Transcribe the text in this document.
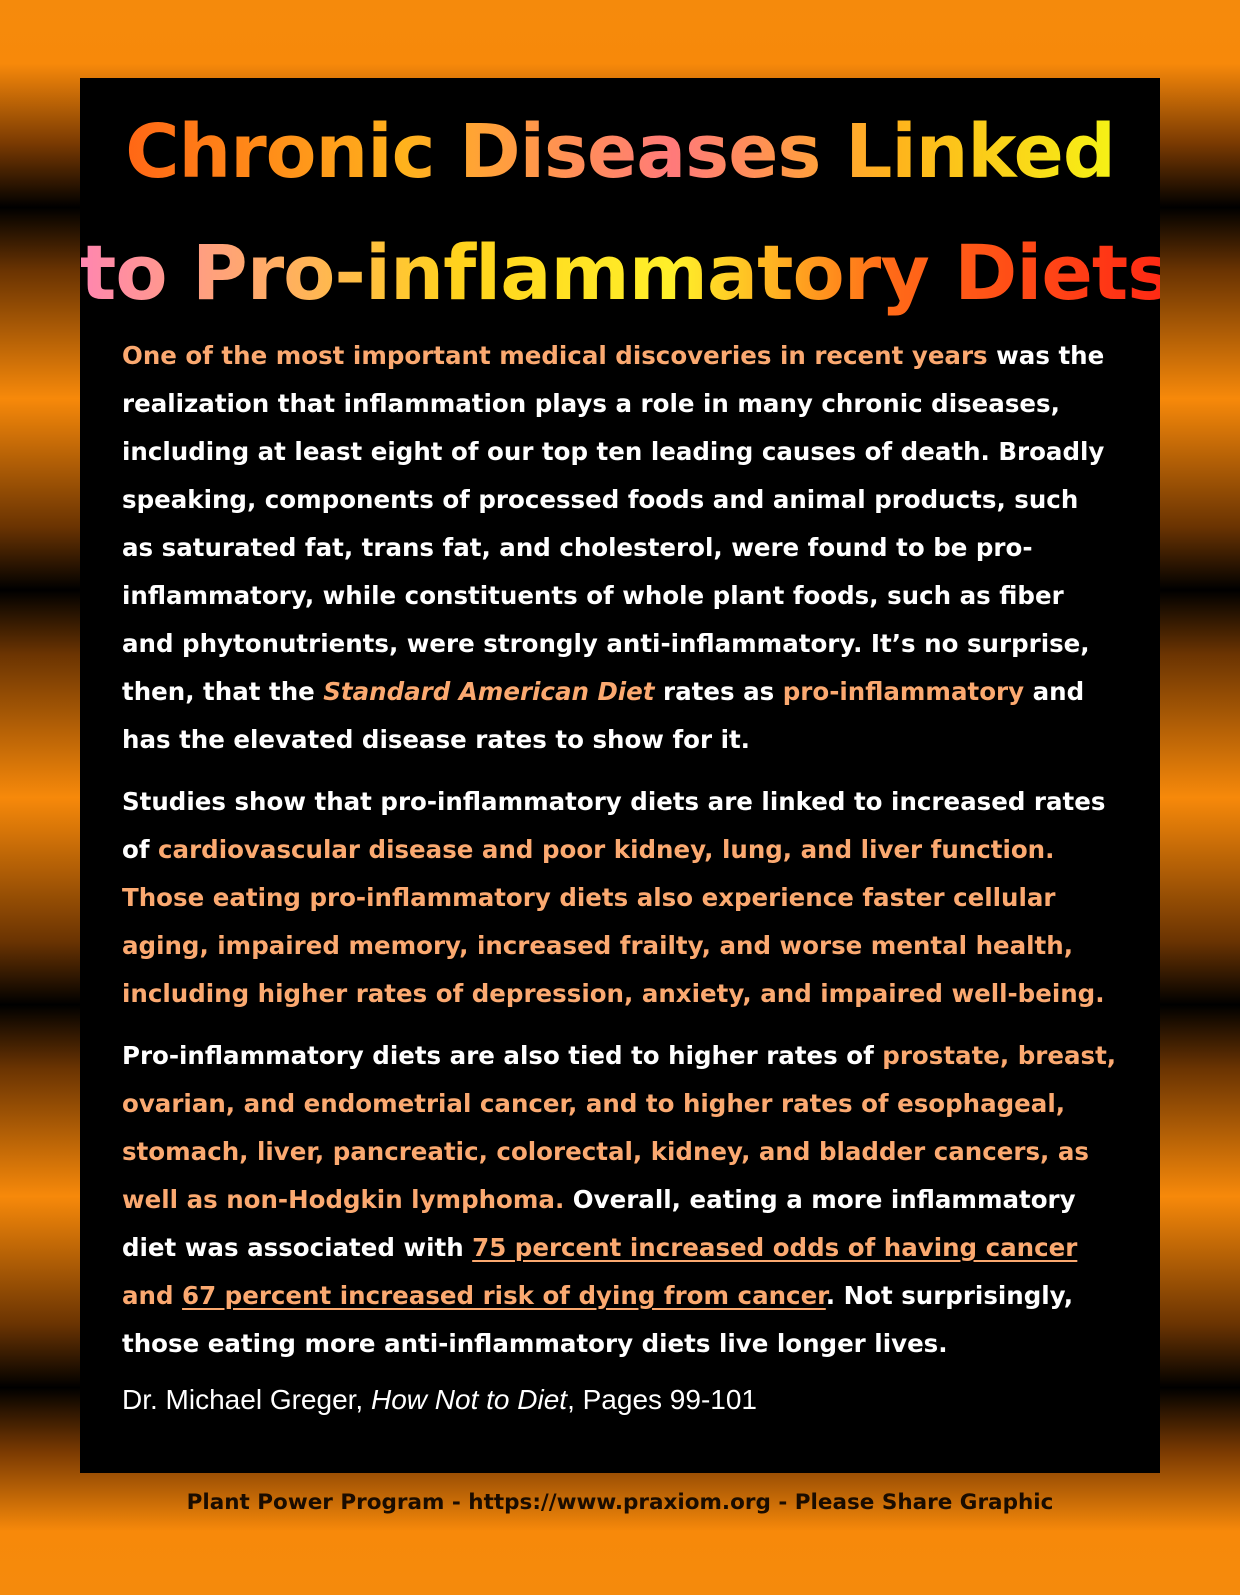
Chronic Diseases Linked
to Pro-inflammatory Diets

One of the most important medical discoveries in recent years was the realization that inflammation plays a role in many chronic diseases, including at least eight of our top ten leading causes of death. Broadly speaking, components of processed foods and animal products, such as saturated fat, trans fat, and cholesterol, were found to be pro-inflammatory, while constituents of whole plant foods, such as fiber and phytonutrients, were strongly anti-inflammatory. It’s no surprise, then, that the Standard American Diet rates as pro-inflammatory and has the elevated disease rates to show for it.

Studies show that pro-inflammatory diets are linked to increased rates of cardiovascular disease and poor kidney, lung, and liver function. Those eating pro-inflammatory diets also experience faster cellular aging, impaired memory, increased frailty, and worse mental health, including higher rates of depression, anxiety, and impaired well-being.

Pro-inflammatory diets are also tied to higher rates of prostate, breast, ovarian, and endometrial cancer, and to higher rates of esophageal, stomach, liver, pancreatic, colorectal, kidney, and bladder cancers, as well as non-Hodgkin lymphoma. Overall, eating a more inflammatory diet was associated with 75 percent increased odds of having cancer and 67 percent increased risk of dying from cancer. Not surprisingly, those eating more anti-inflammatory diets live longer lives.

Dr. Michael Greger, How Not to Diet, Pages 99-101
Plant Power Program - https://www.praxiom.org - Please Share Graphic
